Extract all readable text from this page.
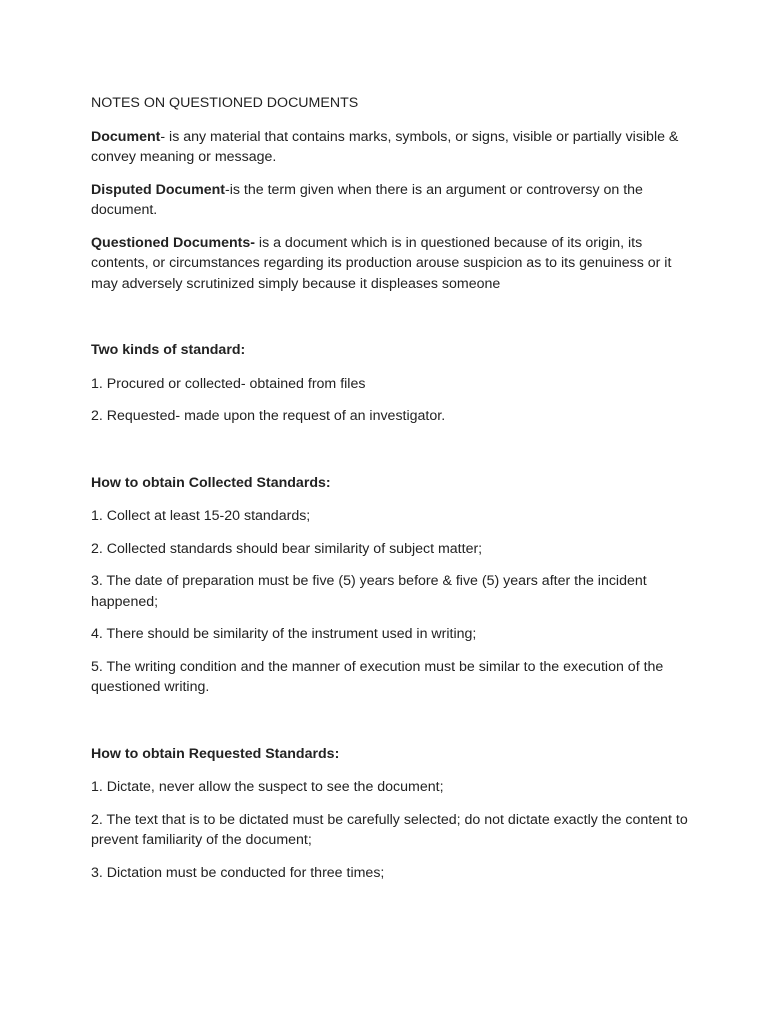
NOTES ON QUESTIONED DOCUMENTS

Document- is any material that contains marks, symbols, or signs, visible or partially visible & convey meaning or message.

Disputed Document-is the term given when there is an argument or controversy on the document.

Questioned Documents- is a document which is in questioned because of its origin, its contents, or circumstances regarding its production arouse suspicion as to its genuiness or it may adversely scrutinized simply because it displeases someone

Two kinds of standard:
1. Procured or collected- obtained from files
2. Requested- made upon the request of an investigator.
How to obtain Collected Standards:
1. Collect at least 15-20 standards;
2. Collected standards should bear similarity of subject matter;
3. The date of preparation must be five (5) years before & five (5) years after the incident happened;
4. There should be similarity of the instrument used in writing;
5. The writing condition and the manner of execution must be similar to the execution of the questioned writing.
How to obtain Requested Standards:
1. Dictate, never allow the suspect to see the document;
2. The text that is to be dictated must be carefully selected; do not dictate exactly the content to prevent familiarity of the document;
3. Dictation must be conducted for three times;
